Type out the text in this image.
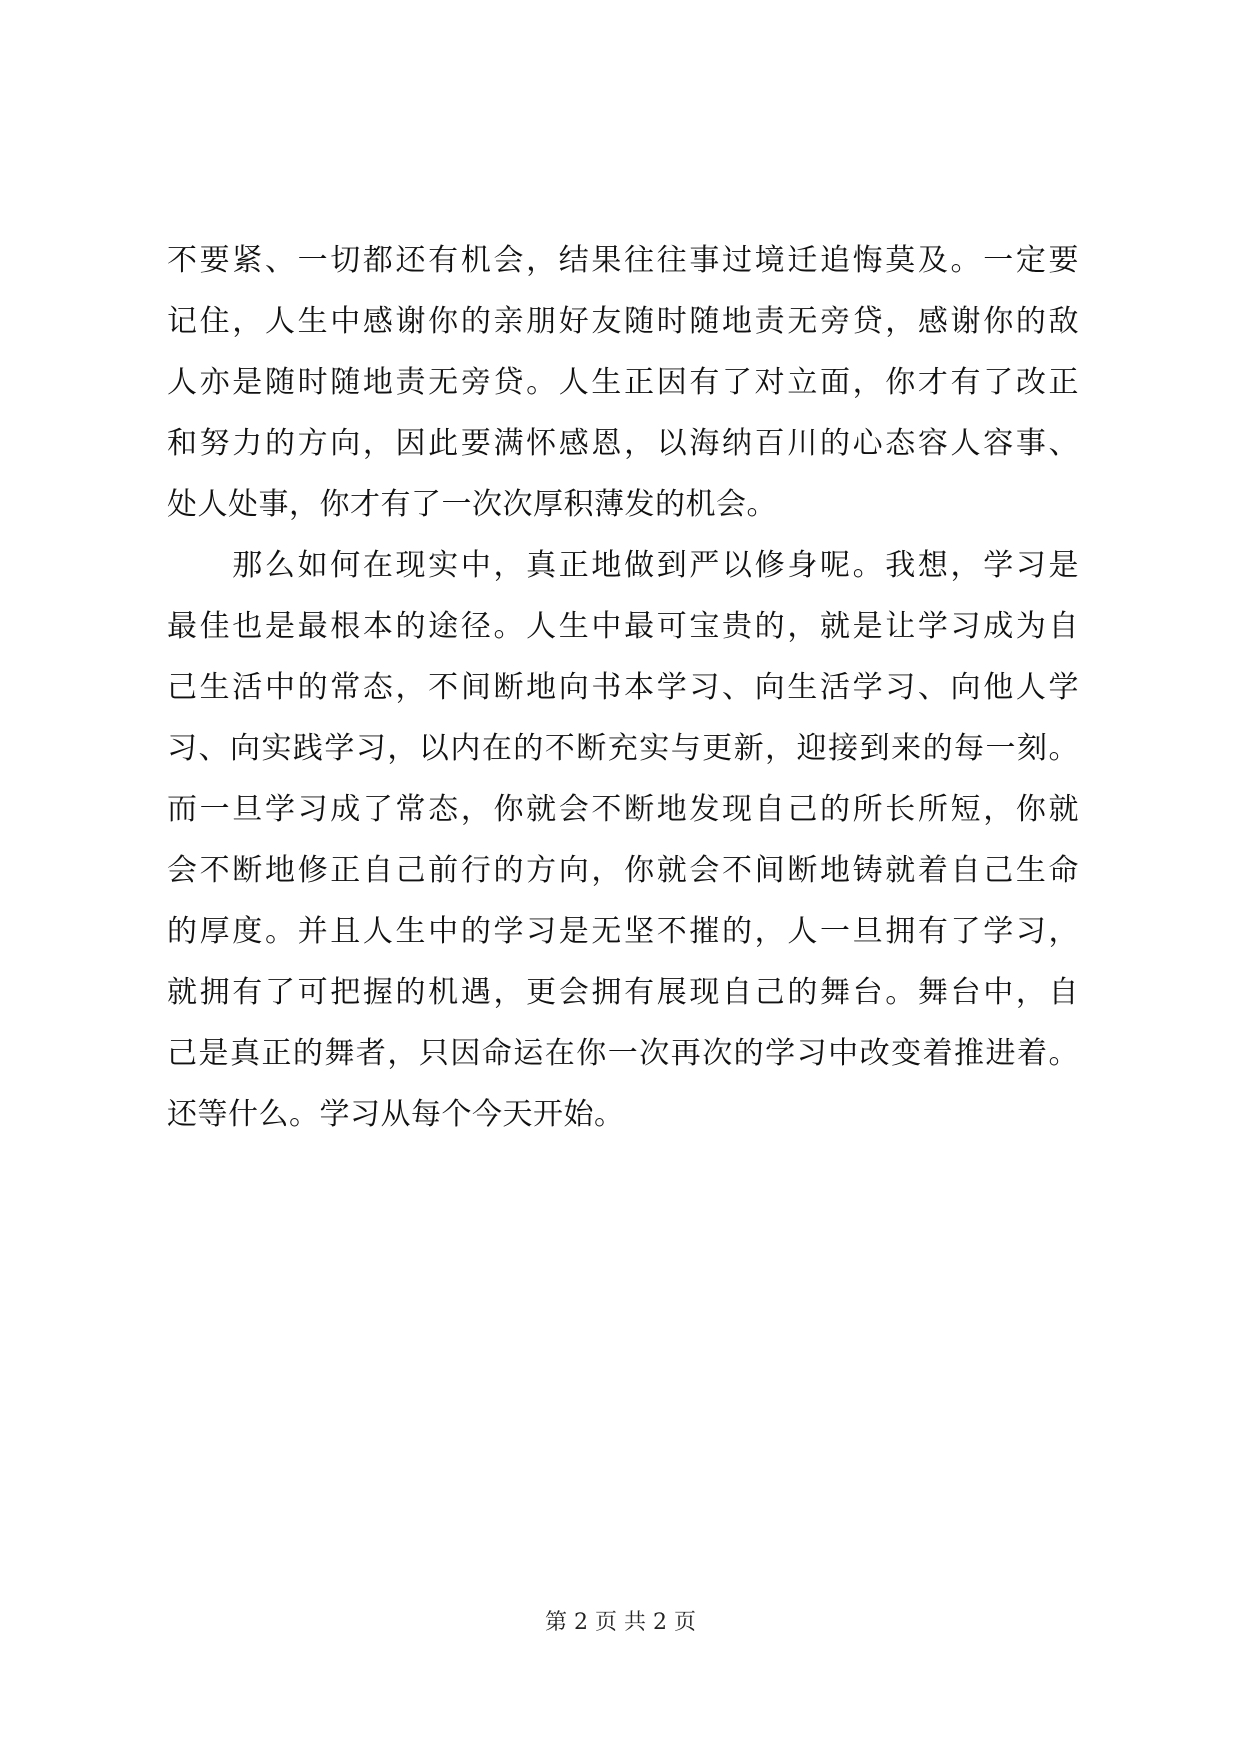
不要紧、一切都还有机会，结果往往事过境迁追悔莫及。一定要
记住，人生中感谢你的亲朋好友随时随地责无旁贷，感谢你的敌
人亦是随时随地责无旁贷。人生正因有了对立面，你才有了改正
和努力的方向，因此要满怀感恩，以海纳百川的心态容人容事、
处人处事，你才有了一次次厚积薄发的机会。
　　那么如何在现实中，真正地做到严以修身呢。我想，学习是
最佳也是最根本的途径。人生中最可宝贵的，就是让学习成为自
己生活中的常态，不间断地向书本学习、向生活学习、向他人学
习、向实践学习，以内在的不断充实与更新，迎接到来的每一刻。
而一旦学习成了常态，你就会不断地发现自己的所长所短，你就
会不断地修正自己前行的方向，你就会不间断地铸就着自己生命
的厚度。并且人生中的学习是无坚不摧的，人一旦拥有了学习，
就拥有了可把握的机遇，更会拥有展现自己的舞台。舞台中，自
己是真正的舞者，只因命运在你一次再次的学习中改变着推进着。
还等什么。学习从每个今天开始。
第 2 页 共 2 页
